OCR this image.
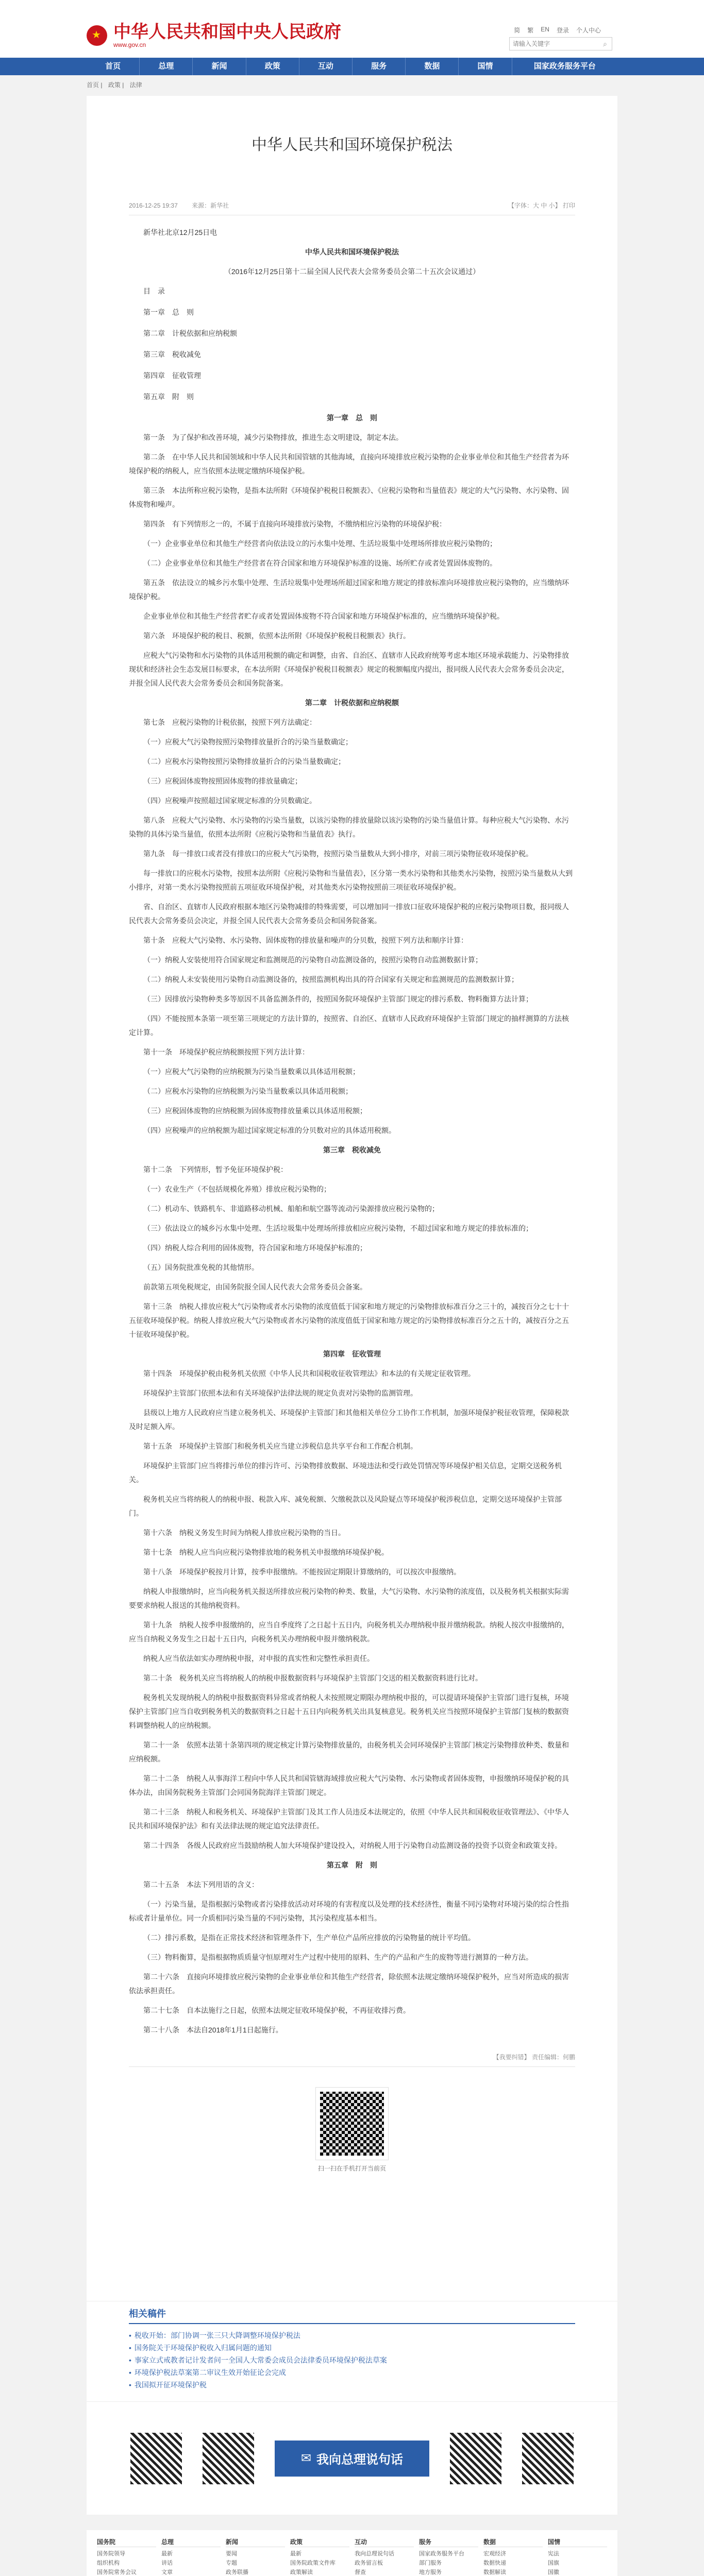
★
中华人民共和国中央人民政府
www.gov.cn
简 繁 EN 登录 个人中心
请输入关键字
⌕
首页	总理	新闻	政策	互动	服务	数据	国情	国家政务服务平台
首页 | 政策 | 法律
中华人民共和国环境保护税法
2016-12-25 19:37 来源：新华社	【字体：大 中 小】 打印

新华社北京12月25日电

中华人民共和国环境保护税法

（2016年12月25日第十二届全国人民代表大会常务委员会第二十五次会议通过）

目　录

第一章　总　则

第二章　计税依据和应纳税额

第三章　税收减免

第四章　征收管理

第五章　附　则

第一章　总　则

第一条　为了保护和改善环境，减少污染物排放，推进生态文明建设，制定本法。

第二条　在中华人民共和国领域和中华人民共和国管辖的其他海域，直接向环境排放应税污染物的企业事业单位和其他生产经营者为环境保护税的纳税人，应当依照本法规定缴纳环境保护税。

第三条　本法所称应税污染物，是指本法所附《环境保护税税目税额表》、《应税污染物和当量值表》规定的大气污染物、水污染物、固体废物和噪声。

第四条　有下列情形之一的，不属于直接向环境排放污染物，不缴纳相应污染物的环境保护税：

（一）企业事业单位和其他生产经营者向依法设立的污水集中处理、生活垃圾集中处理场所排放应税污染物的；

（二）企业事业单位和其他生产经营者在符合国家和地方环境保护标准的设施、场所贮存或者处置固体废物的。

第五条　依法设立的城乡污水集中处理、生活垃圾集中处理场所超过国家和地方规定的排放标准向环境排放应税污染物的，应当缴纳环境保护税。

企业事业单位和其他生产经营者贮存或者处置固体废物不符合国家和地方环境保护标准的，应当缴纳环境保护税。

第六条　环境保护税的税目、税额，依照本法所附《环境保护税税目税额表》执行。

应税大气污染物和水污染物的具体适用税额的确定和调整，由省、自治区、直辖市人民政府统筹考虑本地区环境承载能力、污染物排放现状和经济社会生态发展目标要求，在本法所附《环境保护税税目税额表》规定的税额幅度内提出，报同级人民代表大会常务委员会决定，并报全国人民代表大会常务委员会和国务院备案。

第二章　计税依据和应纳税额

第七条　应税污染物的计税依据，按照下列方法确定：

（一）应税大气污染物按照污染物排放量折合的污染当量数确定；

（二）应税水污染物按照污染物排放量折合的污染当量数确定；

（三）应税固体废物按照固体废物的排放量确定；

（四）应税噪声按照超过国家规定标准的分贝数确定。

第八条　应税大气污染物、水污染物的污染当量数，以该污染物的排放量除以该污染物的污染当量值计算。每种应税大气污染物、水污染物的具体污染当量值，依照本法所附《应税污染物和当量值表》执行。

第九条　每一排放口或者没有排放口的应税大气污染物，按照污染当量数从大到小排序，对前三项污染物征收环境保护税。

每一排放口的应税水污染物，按照本法所附《应税污染物和当量值表》，区分第一类水污染物和其他类水污染物，按照污染当量数从大到小排序，对第一类水污染物按照前五项征收环境保护税，对其他类水污染物按照前三项征收环境保护税。

省、自治区、直辖市人民政府根据本地区污染物减排的特殊需要，可以增加同一排放口征收环境保护税的应税污染物项目数，报同级人民代表大会常务委员会决定，并报全国人民代表大会常务委员会和国务院备案。

第十条　应税大气污染物、水污染物、固体废物的排放量和噪声的分贝数，按照下列方法和顺序计算：

（一）纳税人安装使用符合国家规定和监测规范的污染物自动监测设备的，按照污染物自动监测数据计算；

（二）纳税人未安装使用污染物自动监测设备的，按照监测机构出具的符合国家有关规定和监测规范的监测数据计算；

（三）因排放污染物种类多等原因不具备监测条件的，按照国务院环境保护主管部门规定的排污系数、物料衡算方法计算；

（四）不能按照本条第一项至第三项规定的方法计算的，按照省、自治区、直辖市人民政府环境保护主管部门规定的抽样测算的方法核定计算。

第十一条　环境保护税应纳税额按照下列方法计算：

（一）应税大气污染物的应纳税额为污染当量数乘以具体适用税额；

（二）应税水污染物的应纳税额为污染当量数乘以具体适用税额；

（三）应税固体废物的应纳税额为固体废物排放量乘以具体适用税额；

（四）应税噪声的应纳税额为超过国家规定标准的分贝数对应的具体适用税额。

第三章　税收减免

第十二条　下列情形，暂予免征环境保护税：

（一）农业生产（不包括规模化养殖）排放应税污染物的；

（二）机动车、铁路机车、非道路移动机械、船舶和航空器等流动污染源排放应税污染物的；

（三）依法设立的城乡污水集中处理、生活垃圾集中处理场所排放相应应税污染物，不超过国家和地方规定的排放标准的；

（四）纳税人综合利用的固体废物，符合国家和地方环境保护标准的；

（五）国务院批准免税的其他情形。

前款第五项免税规定，由国务院报全国人民代表大会常务委员会备案。

第十三条　纳税人排放应税大气污染物或者水污染物的浓度值低于国家和地方规定的污染物排放标准百分之三十的，减按百分之七十十五征收环境保护税。纳税人排放应税大气污染物或者水污染物的浓度值低于国家和地方规定的污染物排放标准百分之五十的，减按百分之五十征收环境保护税。

第四章　征收管理

第十四条　环境保护税由税务机关依照《中华人民共和国税收征收管理法》和本法的有关规定征收管理。

环境保护主管部门依照本法和有关环境保护法律法规的规定负责对污染物的监测管理。

县级以上地方人民政府应当建立税务机关、环境保护主管部门和其他相关单位分工协作工作机制，加强环境保护税征收管理，保障税款及时足额入库。

第十五条　环境保护主管部门和税务机关应当建立涉税信息共享平台和工作配合机制。

环境保护主管部门应当将排污单位的排污许可、污染物排放数据、环境违法和受行政处罚情况等环境保护相关信息，定期交送税务机关。

税务机关应当将纳税人的纳税申报、税款入库、减免税额、欠缴税款以及风险疑点等环境保护税涉税信息，定期交送环境保护主管部门。

第十六条　纳税义务发生时间为纳税人排放应税污染物的当日。

第十七条　纳税人应当向应税污染物排放地的税务机关申报缴纳环境保护税。

第十八条　环境保护税按月计算，按季申报缴纳。不能按固定期限计算缴纳的，可以按次申报缴纳。

纳税人申报缴纳时，应当向税务机关报送所排放应税污染物的种类、数量，大气污染物、水污染物的浓度值，以及税务机关根据实际需要要求纳税人报送的其他纳税资料。

第十九条　纳税人按季申报缴纳的，应当自季度终了之日起十五日内，向税务机关办理纳税申报并缴纳税款。纳税人按次申报缴纳的，应当自纳税义务发生之日起十五日内，向税务机关办理纳税申报并缴纳税款。

纳税人应当依法如实办理纳税申报，对申报的真实性和完整性承担责任。

第二十条　税务机关应当将纳税人的纳税申报数据资料与环境保护主管部门交送的相关数据资料进行比对。

税务机关发现纳税人的纳税申报数据资料异常或者纳税人未按照规定期限办理纳税申报的，可以提请环境保护主管部门进行复核，环境保护主管部门应当自收到税务机关的数据资料之日起十五日内向税务机关出具复核意见。税务机关应当按照环境保护主管部门复核的数据资料调整纳税人的应纳税额。

第二十一条　依照本法第十条第四项的规定核定计算污染物排放量的，由税务机关会同环境保护主管部门核定污染物排放种类、数量和应纳税额。

第二十二条　纳税人从事海洋工程向中华人民共和国管辖海域排放应税大气污染物、水污染物或者固体废物，申报缴纳环境保护税的具体办法，由国务院税务主管部门会同国务院海洋主管部门规定。

第二十三条　纳税人和税务机关、环境保护主管部门及其工作人员违反本法规定的，依照《中华人民共和国税收征收管理法》、《中华人民共和国环境保护法》和有关法律法规的规定追究法律责任。

第二十四条　各级人民政府应当鼓励纳税人加大环境保护建设投入，对纳税人用于污染物自动监测设备的投资予以资金和政策支持。

第五章　附　则

第二十五条　本法下列用语的含义：

（一）污染当量，是指根据污染物或者污染排放活动对环境的有害程度以及处理的技术经济性，衡量不同污染物对环境污染的综合性指标或者计量单位。同一介质相同污染当量的不同污染物，其污染程度基本相当。

（二）排污系数，是指在正常技术经济和管理条件下，生产单位产品所应排放的污染物量的统计平均值。

（三）物料衡算，是指根据物质质量守恒原理对生产过程中使用的原料、生产的产品和产生的废物等进行测算的一种方法。

第二十六条　直接向环境排放应税污染物的企业事业单位和其他生产经营者，除依照本法规定缴纳环境保护税外，应当对所造成的损害依法承担责任。

第二十七条　自本法施行之日起，依照本法规定征收环境保护税，不再征收排污费。

第二十八条　本法自2018年1月1日起施行。

【我要纠错】 责任编辑：何鹏
扫一扫在手机打开当前页
相关稿件
• 税收开始：部门协调一张三只大降调整环境保护税法
• 国务院关于环境保护税收入归属问题的通知
• 事家立式戒教者记计发者问一全国人大常委会成员会法律委员环境保护税法草案
• 环境保护税法草案第二审议生效开始征论会完成
• 我国拟开征环境保护税
✉ 我向总理说句话
国务院
国务院领导
组织机构
国务院常务会议
总理
最新
讲话
文章
新闻
要闻
专题
政务联播
政策
最新
国务院政策文件库
政策解读
互动
我向总理说句话
政务留言板
督查
服务
国家政务服务平台
部门服务
地方服务
数据
宏观经济
数据快递
数据解读
国情
宪法
国旗
国徽
